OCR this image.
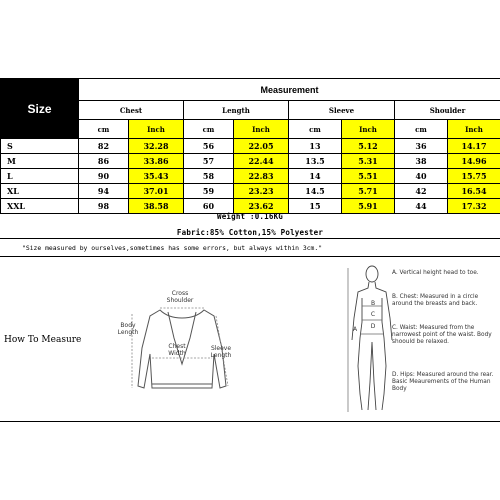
Size	Measurement							
	Chest		Length		Sleeve		Shoulder	
	cm	Inch	cm	Inch	cm	Inch	cm	Inch
S	82	32.28	56	22.05	13	5.12	36	14.17
M	86	33.86	57	22.44	13.5	5.31	38	14.96
L	90	35.43	58	22.83	14	5.51	40	15.75
XL	94	37.01	59	23.23	14.5	5.71	42	16.54
XXL	98	38.58	60	23.62	15	5.91	44	17.32
Weight :0.16KG
Fabric:85% Cotton,15% Polyester
"Size measured by ourselves,sometimes has some errors, but always within 3cm."
How To Measure
Cross Shoulder
Body Length
Chest Width
Sleeve Length
A
B
C
D
A. Vertical height head to toe.
B. Chest: Measured in a circle around the breasts and back.
C. Waist: Measured from the narrowest point of the waist. Body shoould be relaxed.
D. Hips: Measured around the rear. Basic Meaurements of the Human Body
